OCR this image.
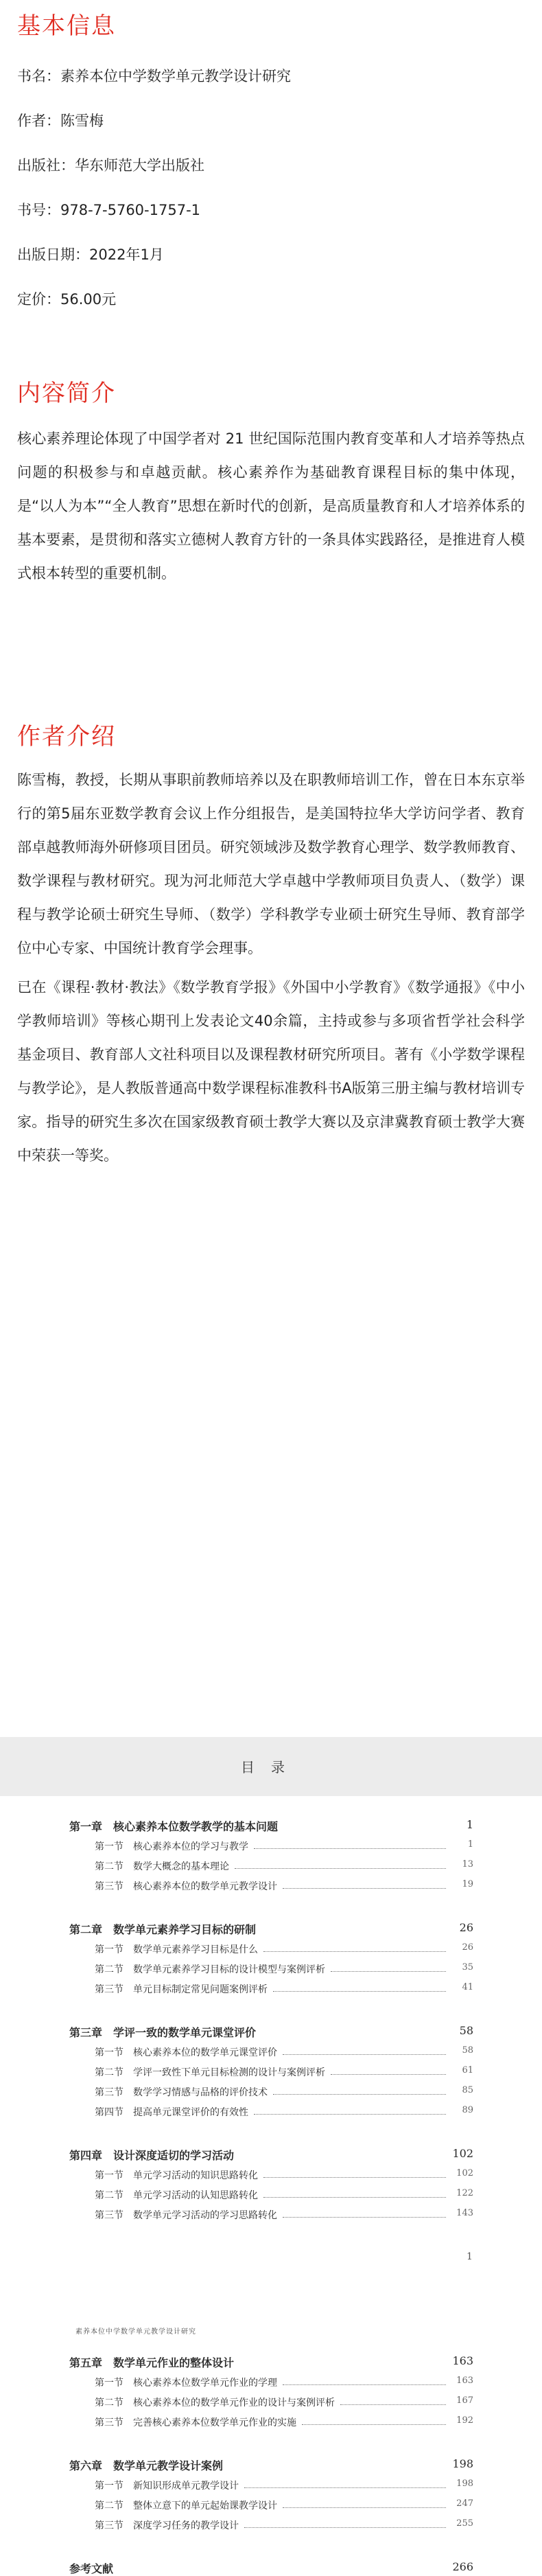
基本信息
书名：素养本位中学数学单元教学设计研究
作者：陈雪梅
出版社：华东师范大学出版社
书号：978-7-5760-1757-1
出版日期：2022年1月
定价：56.00元
内容简介
核心素养理论体现了中国学者对 21 世纪国际范围内教育变革和人才培养等热点问题的积极参与和卓越贡献。核心素养作为基础教育课程目标的集中体现，是“以人为本”“全人教育”思想在新时代的创新，是高质量教育和人才培养体系的基本要素，是贯彻和落实立德树人教育方针的一条具体实践路径，是推进育人模式根本转型的重要机制。
作者介绍
陈雪梅，教授，长期从事职前教师培养以及在职教师培训工作，曾在日本东京举行的第5届东亚数学教育会议上作分组报告，是美国特拉华大学访问学者、教育部卓越教师海外研修项目团员。研究领域涉及数学教育心理学、数学教师教育、数学课程与教材研究。现为河北师范大学卓越中学教师项目负责人、（数学）课程与教学论硕士研究生导师、（数学）学科教学专业硕士研究生导师、教育部学位中心专家、中国统计教育学会理事。
已在《课程·教材·教法》《数学教育学报》《外国中小学教育》《数学通报》《中小学教师培训》等核心期刊上发表论文40余篇，主持或参与多项省哲学社会科学基金项目、教育部人文社科项目以及课程教材研究所项目。著有《小学数学课程与教学论》，是人教版普通高中数学课程标准教科书A版第三册主编与教材培训专家。指导的研究生多次在国家级教育硕士教学大赛以及京津冀教育硕士教学大赛中荣获一等奖。
目录
第一章　核心素养本位数学教学的基本问题	1
第一节　核心素养本位的学习与教学	1
第二节　数学大概念的基本理论	13
第三节　核心素养本位的数学单元教学设计	19
第二章　数学单元素养学习目标的研制	26
第一节　数学单元素养学习目标是什么	26
第二节　数学单元素养学习目标的设计模型与案例评析	35
第三节　单元目标制定常见问题案例评析	41
第三章　学评一致的数学单元课堂评价	58
第一节　核心素养本位的数学单元课堂评价	58
第二节　学评一致性下单元目标检测的设计与案例评析	61
第三节　数学学习情感与品格的评价技术	85
第四节　提高单元课堂评价的有效性	89
第四章　设计深度适切的学习活动	102
第一节　单元学习活动的知识思路转化	102
第二节　单元学习活动的认知思路转化	122
第三节　数学单元学习活动的学习思路转化	143
1
素养本位中学数学单元教学设计研究
第五章　数学单元作业的整体设计	163
第一节　核心素养本位数学单元作业的学理	163
第二节　核心素养本位的数学单元作业的设计与案例评析	167
第三节　完善核心素养本位数学单元作业的实施	192
第六章　数学单元教学设计案例	198
第一节　新知识形成单元教学设计	198
第二节　整体立意下的单元起始课教学设计	247
第三节　深度学习任务的教学设计	255
参考文献	266
